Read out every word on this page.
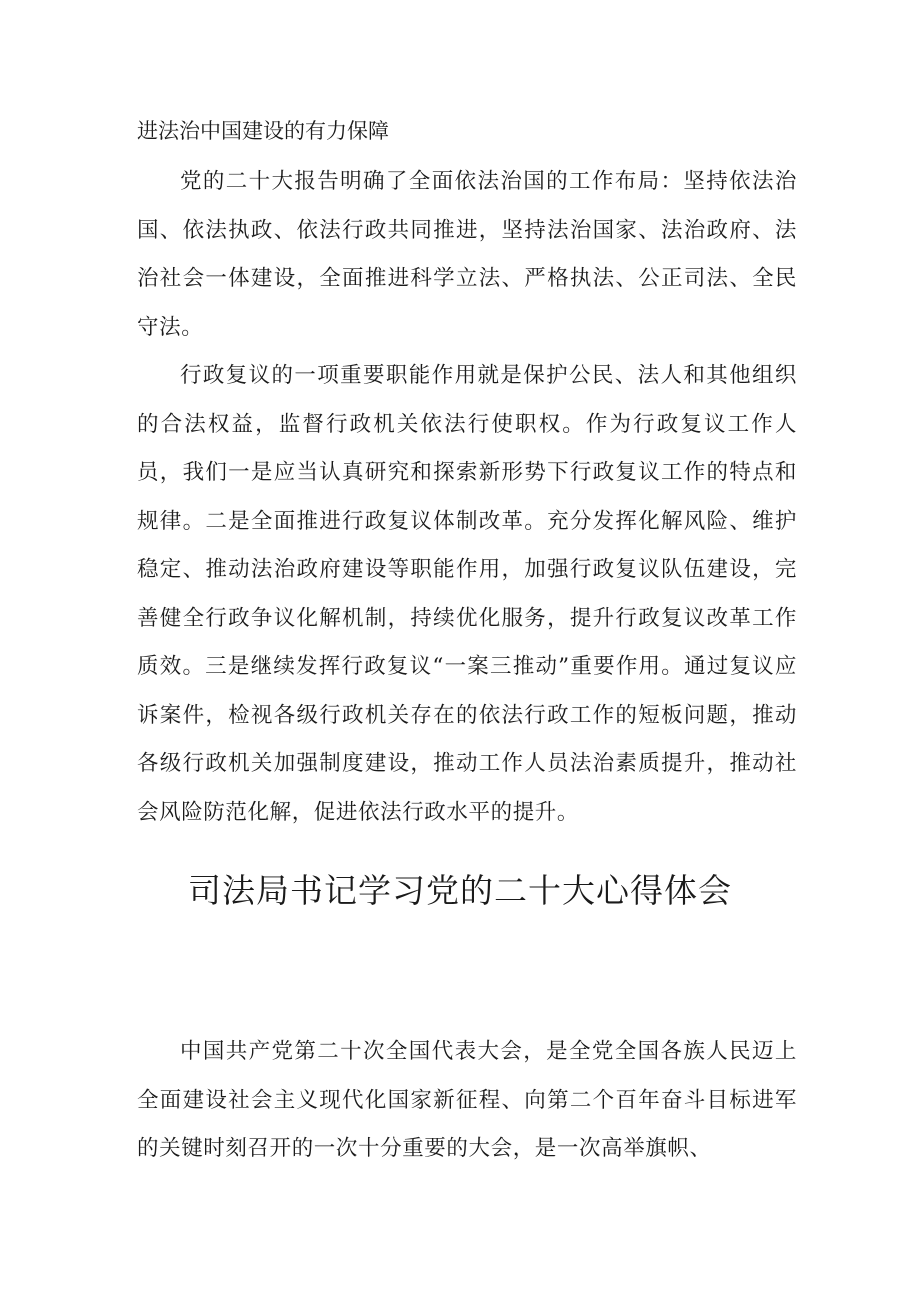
进法治中国建设的有力保障

党的二十大报告明确了全面依法治国的工作布局：坚持依法治国、依法执政、依法行政共同推进，坚持法治国家、法治政府、法治社会一体建设，全面推进科学立法、严格执法、公正司法、全民守法。

行政复议的一项重要职能作用就是保护公民、法人和其他组织的合法权益，监督行政机关依法行使职权。作为行政复议工作人员，我们一是应当认真研究和探索新形势下行政复议工作的特点和规律。二是全面推进行政复议体制改革。充分发挥化解风险、维护稳定、推动法治政府建设等职能作用，加强行政复议队伍建设，完善健全行政争议化解机制，持续优化服务，提升行政复议改革工作质效。三是继续发挥行政复议“一案三推动”重要作用。通过复议应诉案件，检视各级行政机关存在的依法行政工作的短板问题，推动各级行政机关加强制度建设，推动工作人员法治素质提升，推动社会风险防范化解，促进依法行政水平的提升。

司法局书记学习党的二十大心得体会

中国共产党第二十次全国代表大会，是全党全国各族人民迈上全面建设社会主义现代化国家新征程、向第二个百年奋斗目标进军的关键时刻召开的一次十分重要的大会，是一次高举旗帜、
